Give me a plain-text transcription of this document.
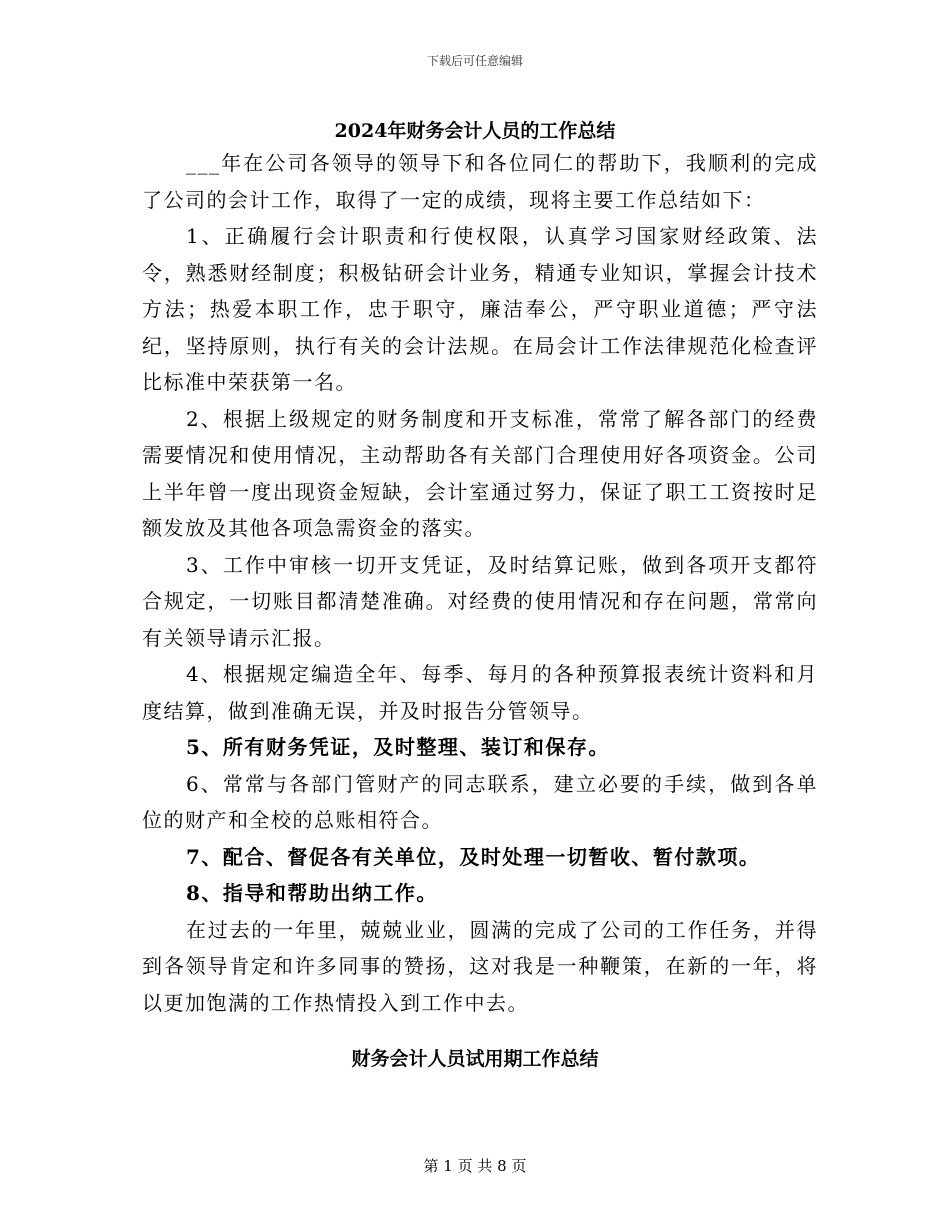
下载后可任意编辑
2024年财务会计人员的工作总结

___年在公司各领导的领导下和各位同仁的帮助下，我顺利的完成了公司的会计工作，取得了一定的成绩，现将主要工作总结如下：

1、正确履行会计职责和行使权限，认真学习国家财经政策、法令，熟悉财经制度；积极钻研会计业务，精通专业知识，掌握会计技术方法；热爱本职工作，忠于职守，廉洁奉公，严守职业道德；严守法纪，坚持原则，执行有关的会计法规。在局会计工作法律规范化检查评比标准中荣获第一名。

2、根据上级规定的财务制度和开支标准，常常了解各部门的经费需要情况和使用情况，主动帮助各有关部门合理使用好各项资金。公司上半年曾一度出现资金短缺，会计室通过努力，保证了职工工资按时足额发放及其他各项急需资金的落实。

3、工作中审核一切开支凭证，及时结算记账，做到各项开支都符合规定，一切账目都清楚准确。对经费的使用情况和存在问题，常常向有关领导请示汇报。

4、根据规定编造全年、每季、每月的各种预算报表统计资料和月度结算，做到准确无误，并及时报告分管领导。

5、所有财务凭证，及时整理、装订和保存。

6、常常与各部门管财产的同志联系，建立必要的手续，做到各单位的财产和全校的总账相符合。

7、配合、督促各有关单位，及时处理一切暂收、暂付款项。

8、指导和帮助出纳工作。

在过去的一年里，兢兢业业，圆满的完成了公司的工作任务，并得到各领导肯定和许多同事的赞扬，这对我是一种鞭策，在新的一年，将以更加饱满的工作热情投入到工作中去。

财务会计人员试用期工作总结
第 1 页 共 8 页
